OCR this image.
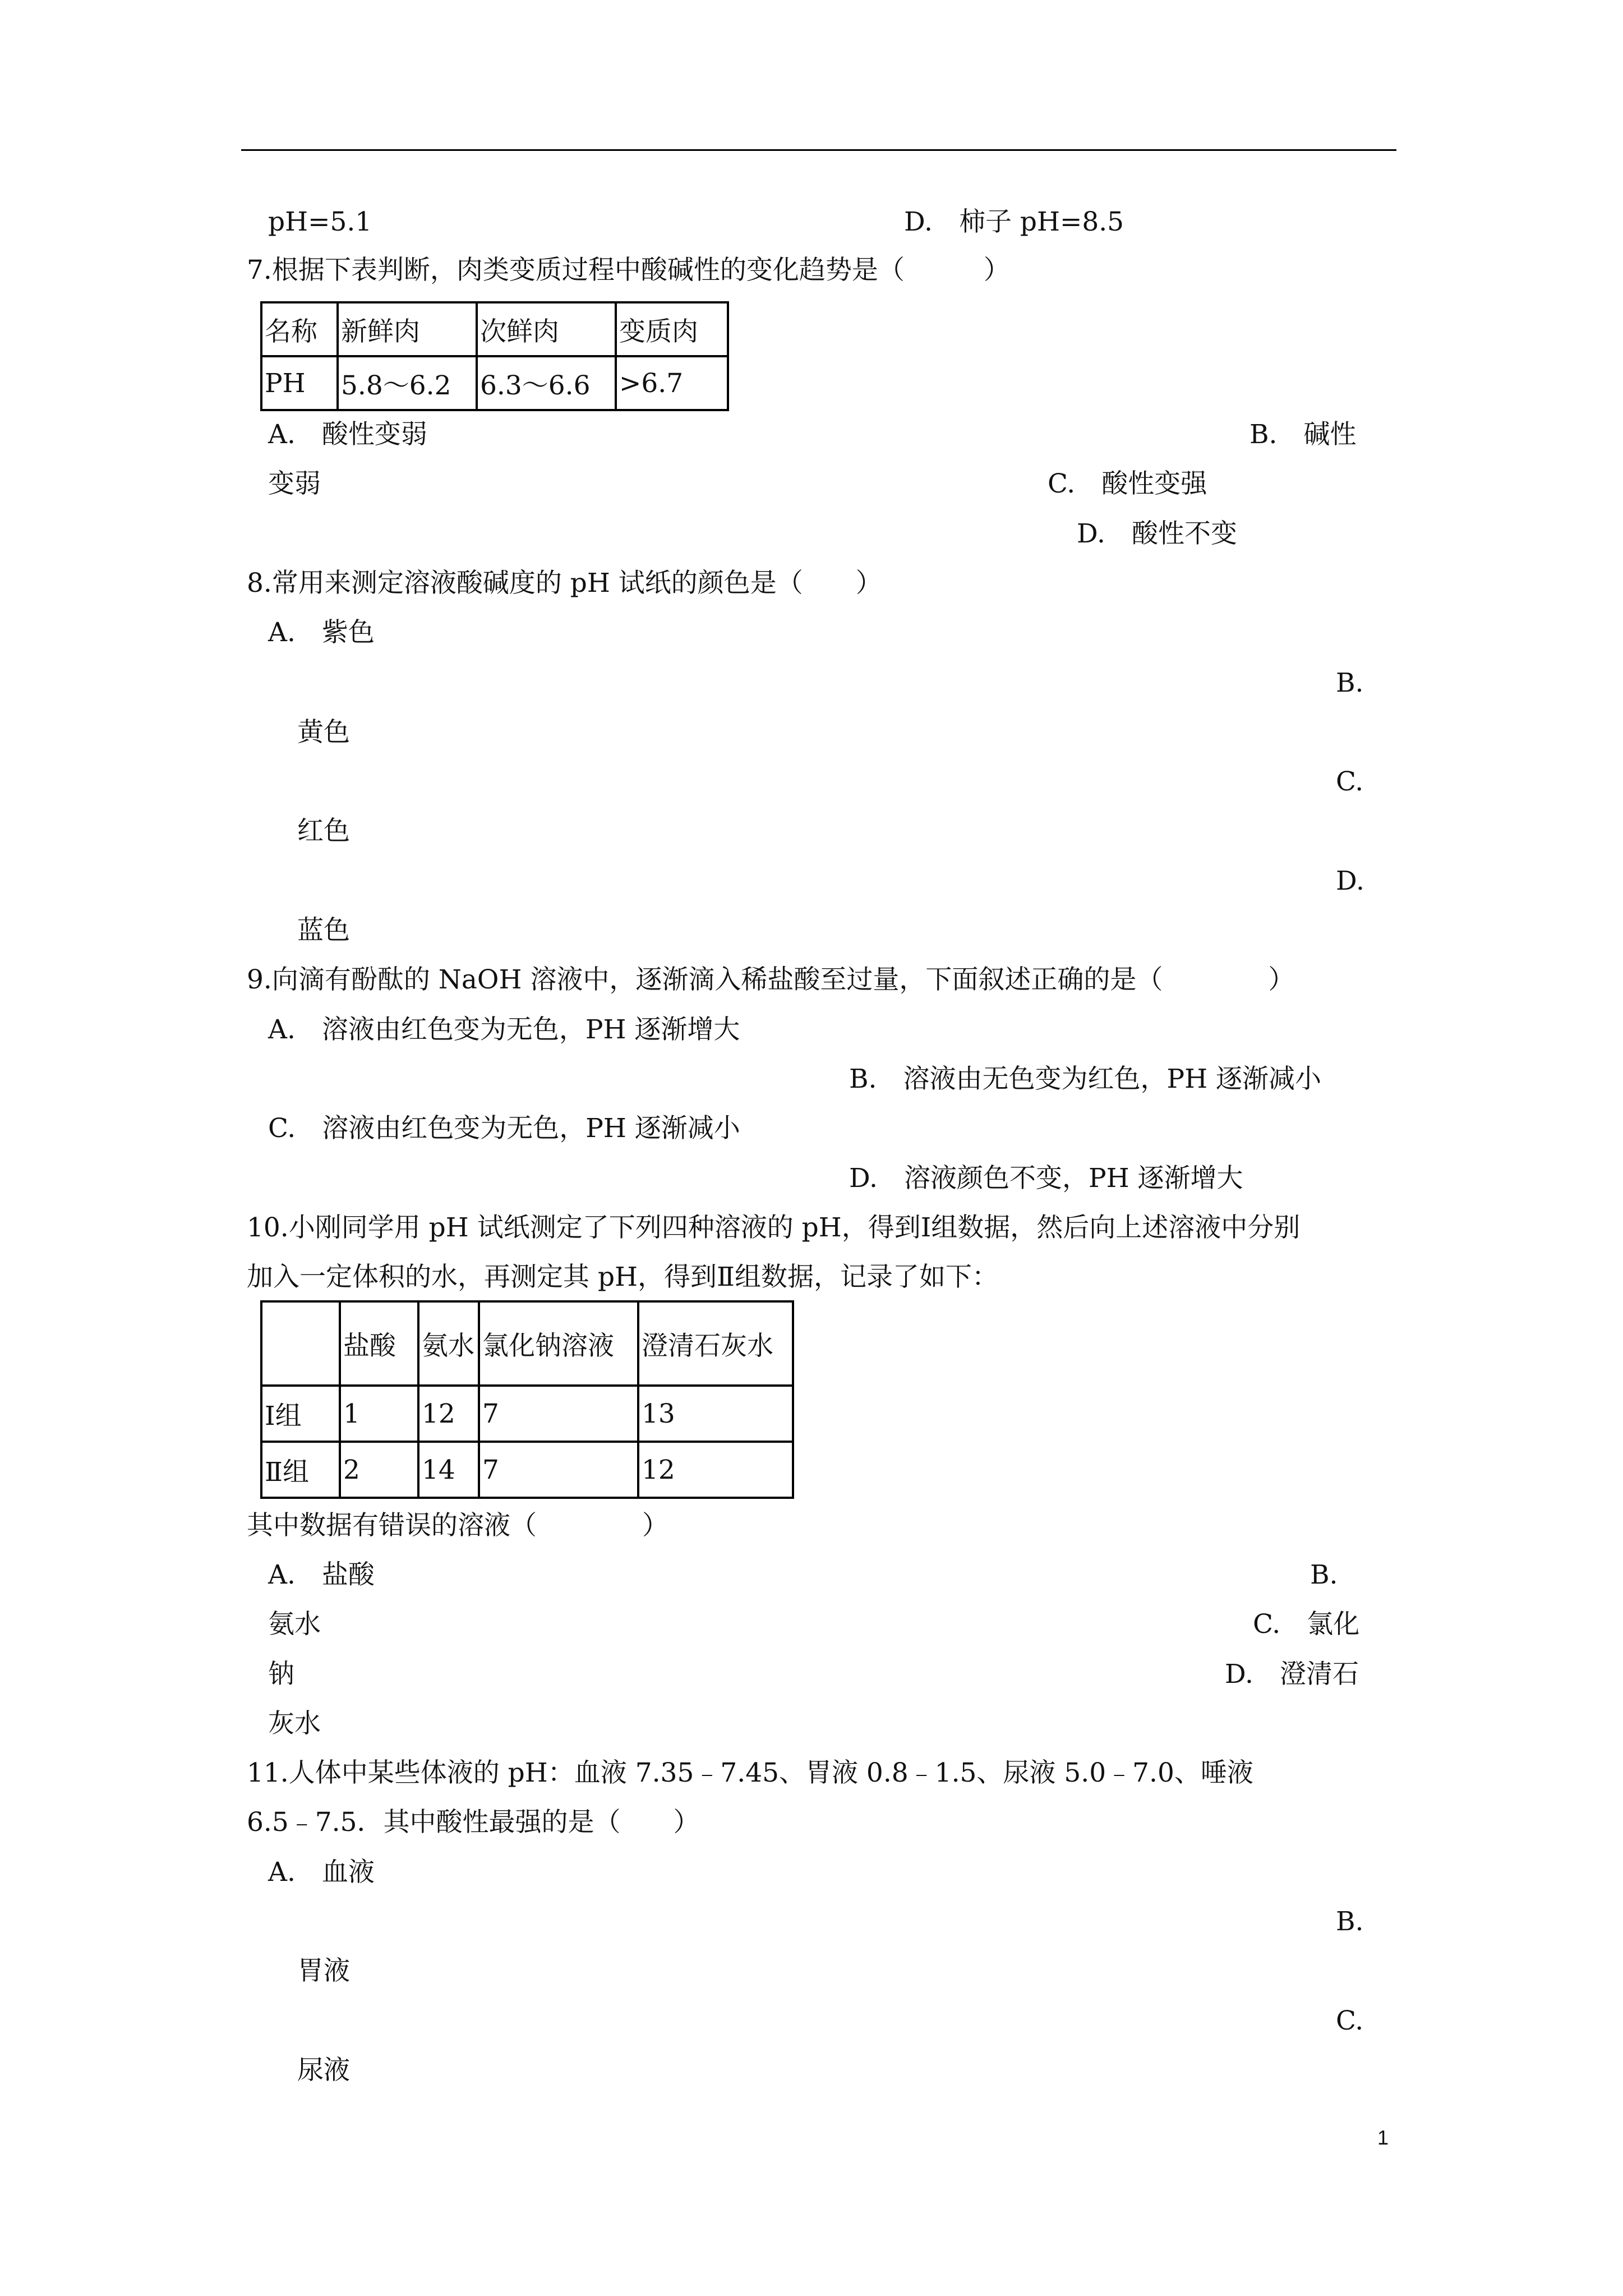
pH=5.1	D.　柿子 pH=8.5
7.根据下表判断，肉类变质过程中酸碱性的变化趋势是（　　　）
名称	新鲜肉	次鲜肉	变质肉
PH	5.8～6.2	6.3～6.6	>6.7
A.　酸性变弱	B.　碱性
变弱	C.　酸性变强
D.　酸性不变
8.常用来测定溶液酸碱度的 pH 试纸的颜色是（　　）
A.　紫色
B.
黄色
C.
红色
D.
蓝色
9.向滴有酚酞的 NaOH 溶液中，逐渐滴入稀盐酸至过量，下面叙述正确的是（　　　　）
A.　溶液由红色变为无色，PH 逐渐增大
B.　溶液由无色变为红色，PH 逐渐减小
C.　溶液由红色变为无色，PH 逐渐减小
D.　溶液颜色不变，PH 逐渐增大
10.小刚同学用 pH 试纸测定了下列四种溶液的 pH，得到Ⅰ组数据，然后向上述溶液中分别
加入一定体积的水，再测定其 pH，得到Ⅱ组数据，记录了如下：
	盐酸	氨水	氯化钠溶液	澄清石灰水
Ⅰ组	1	12	7	13
Ⅱ组	2	14	7	12
其中数据有错误的溶液（　　　　）
A.　盐酸	B.
氨水	C.　氯化
钠	D.　澄清石
灰水
11.人体中某些体液的 pH：血液 7.35﹣7.45、胃液 0.8﹣1.5、尿液 5.0﹣7.0、唾液
6.5﹣7.5．其中酸性最强的是（　　）
A.　血液
B.
胃液
C.
尿液
1
